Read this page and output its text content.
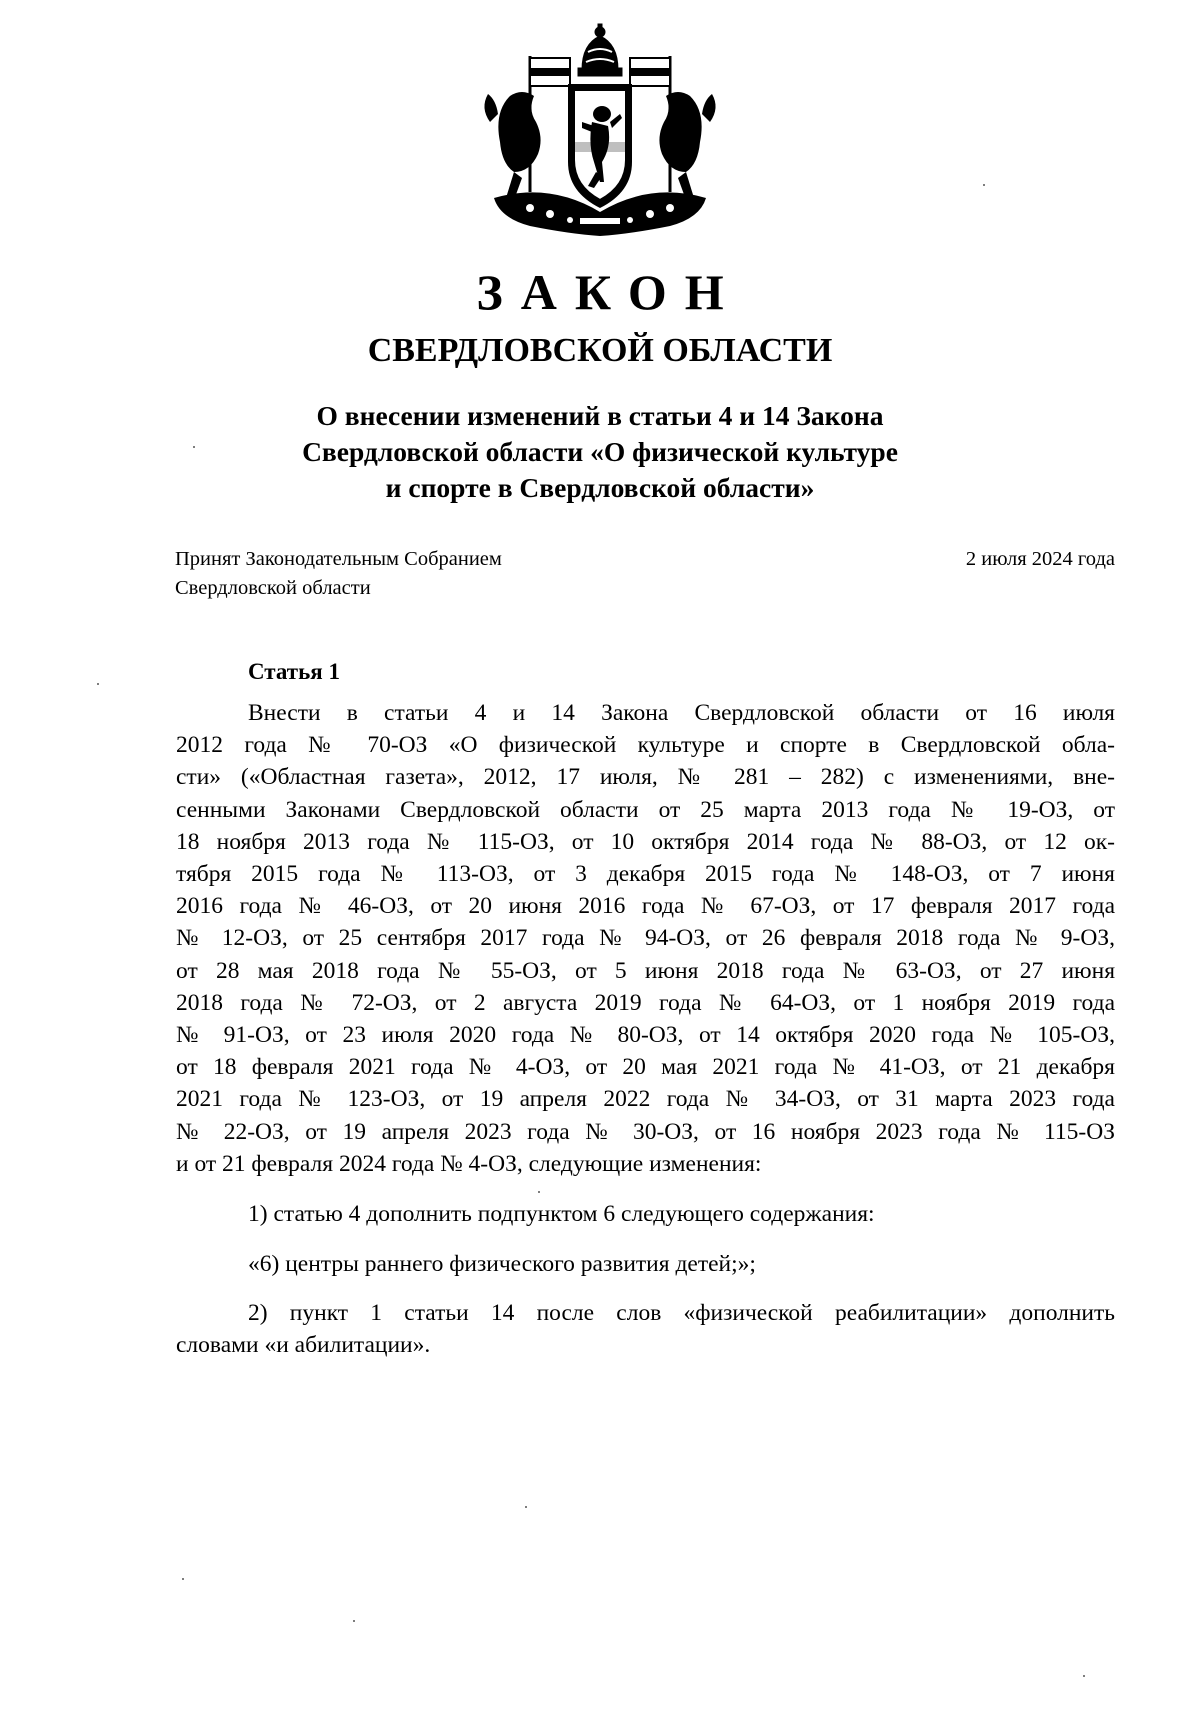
ЗАКОН
СВЕРДЛОВСКОЙ ОБЛАСТИ
О внесении изменений в статьи 4 и 14 Закона
Свердловской области «О физической культуре
и спорте в Свердловской области»
Принят Законодательным Собранием
Свердловской области
2 июля 2024 года
Статья 1
Внести в статьи 4 и 14 Закона Свердловской области от 16 июля
2012 года № 70-ОЗ «О физической культуре и спорте в Свердловской обла-
сти» («Областная газета», 2012, 17 июля, № 281 – 282) с изменениями, вне-
сенными Законами Свердловской области от 25 марта 2013 года № 19-ОЗ, от
18 ноября 2013 года № 115-ОЗ, от 10 октября 2014 года № 88-ОЗ, от 12 ок-
тября 2015 года № 113-ОЗ, от 3 декабря 2015 года № 148-ОЗ, от 7 июня
2016 года № 46-ОЗ, от 20 июня 2016 года № 67-ОЗ, от 17 февраля 2017 года
№ 12-ОЗ, от 25 сентября 2017 года № 94-ОЗ, от 26 февраля 2018 года № 9-ОЗ,
от 28 мая 2018 года № 55-ОЗ, от 5 июня 2018 года № 63-ОЗ, от 27 июня
2018 года № 72-ОЗ, от 2 августа 2019 года № 64-ОЗ, от 1 ноября 2019 года
№ 91-ОЗ, от 23 июля 2020 года № 80-ОЗ, от 14 октября 2020 года № 105-ОЗ,
от 18 февраля 2021 года № 4-ОЗ, от 20 мая 2021 года № 41-ОЗ, от 21 декабря
2021 года № 123-ОЗ, от 19 апреля 2022 года № 34-ОЗ, от 31 марта 2023 года
№ 22-ОЗ, от 19 апреля 2023 года № 30-ОЗ, от 16 ноября 2023 года № 115-ОЗ
и от 21 февраля 2024 года № 4-ОЗ, следующие изменения:
1) статью 4 дополнить подпунктом 6 следующего содержания:
«6) центры раннего физического развития детей;»;
2) пункт 1 статьи 14 после слов «физической реабилитации» дополнить
словами «и абилитации».
